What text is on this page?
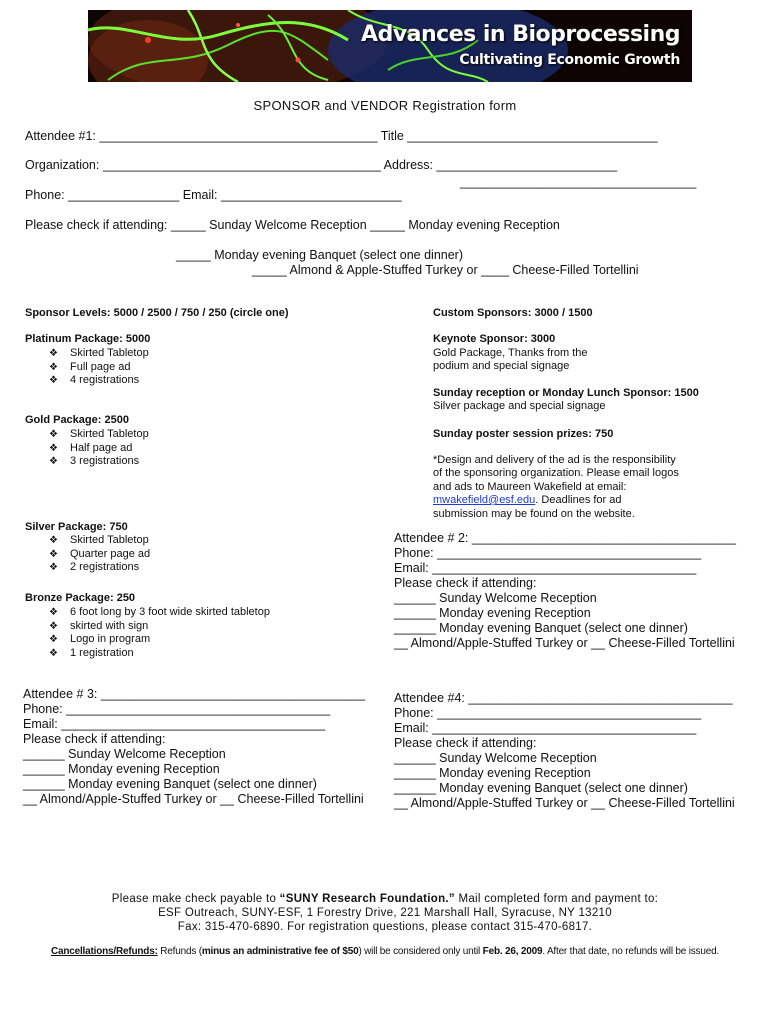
Advances in Bioprocessing
Cultivating Economic Growth
SPONSOR and VENDOR Registration form
Attendee #1: ________________________________________ Title ____________________________________
Organization: ________________________________________ Address: __________________________
__________________________________
Phone: ________________ Email: __________________________
Please check if attending: _____ Sunday Welcome Reception _____ Monday evening Reception
_____ Monday evening Banquet (select one dinner)
_____ Almond & Apple-Stuffed Turkey or ____ Cheese-Filled Tortellini
Sponsor Levels: 5000 / 2500 / 750 / 250 (circle one)
Platinum Package: 5000
❖ Skirted Tabletop
❖ Full page ad
❖ 4 registrations
Gold Package: 2500
❖ Skirted Tabletop
❖ Half page ad
❖ 3 registrations
Silver Package: 750
❖ Skirted Tabletop
❖ Quarter page ad
❖ 2 registrations
Bronze Package: 250
❖ 6 foot long by 3 foot wide skirted tabletop
❖ skirted with sign
❖ Logo in program
❖ 1 registration
Custom Sponsors: 3000 / 1500
Keynote Sponsor: 3000
Gold Package, Thanks from the
podium and special signage
Sunday reception or Monday Lunch Sponsor: 1500
Silver package and special signage
Sunday poster session prizes: 750
*Design and delivery of the ad is the responsibility
of the sponsoring organization. Please email logos
and ads to Maureen Wakefield at email:
mwakefield@esf.edu. Deadlines for ad
submission may be found on the website.
Attendee # 2: ______________________________________
Phone: ______________________________________
Email: ______________________________________
Please check if attending:
______ Sunday Welcome Reception
______ Monday evening Reception
______ Monday evening Banquet (select one dinner)
__ Almond/Apple-Stuffed Turkey or __ Cheese-Filled Tortellini
Attendee # 3: ______________________________________
Phone: ______________________________________
Email: ______________________________________
Please check if attending:
______ Sunday Welcome Reception
______ Monday evening Reception
______ Monday evening Banquet (select one dinner)
__ Almond/Apple-Stuffed Turkey or __ Cheese-Filled Tortellini
Attendee #4: ______________________________________
Phone: ______________________________________
Email: ______________________________________
Please check if attending:
______ Sunday Welcome Reception
______ Monday evening Reception
______ Monday evening Banquet (select one dinner)
__ Almond/Apple-Stuffed Turkey or __ Cheese-Filled Tortellini
Please make check payable to “SUNY Research Foundation.” Mail completed form and payment to:
ESF Outreach, SUNY-ESF, 1 Forestry Drive, 221 Marshall Hall, Syracuse, NY 13210
Fax: 315-470-6890. For registration questions, please contact 315-470-6817.
Cancellations/Refunds: Refunds (minus an administrative fee of $50) will be considered only until Feb. 26, 2009. After that date, no refunds will be issued.
